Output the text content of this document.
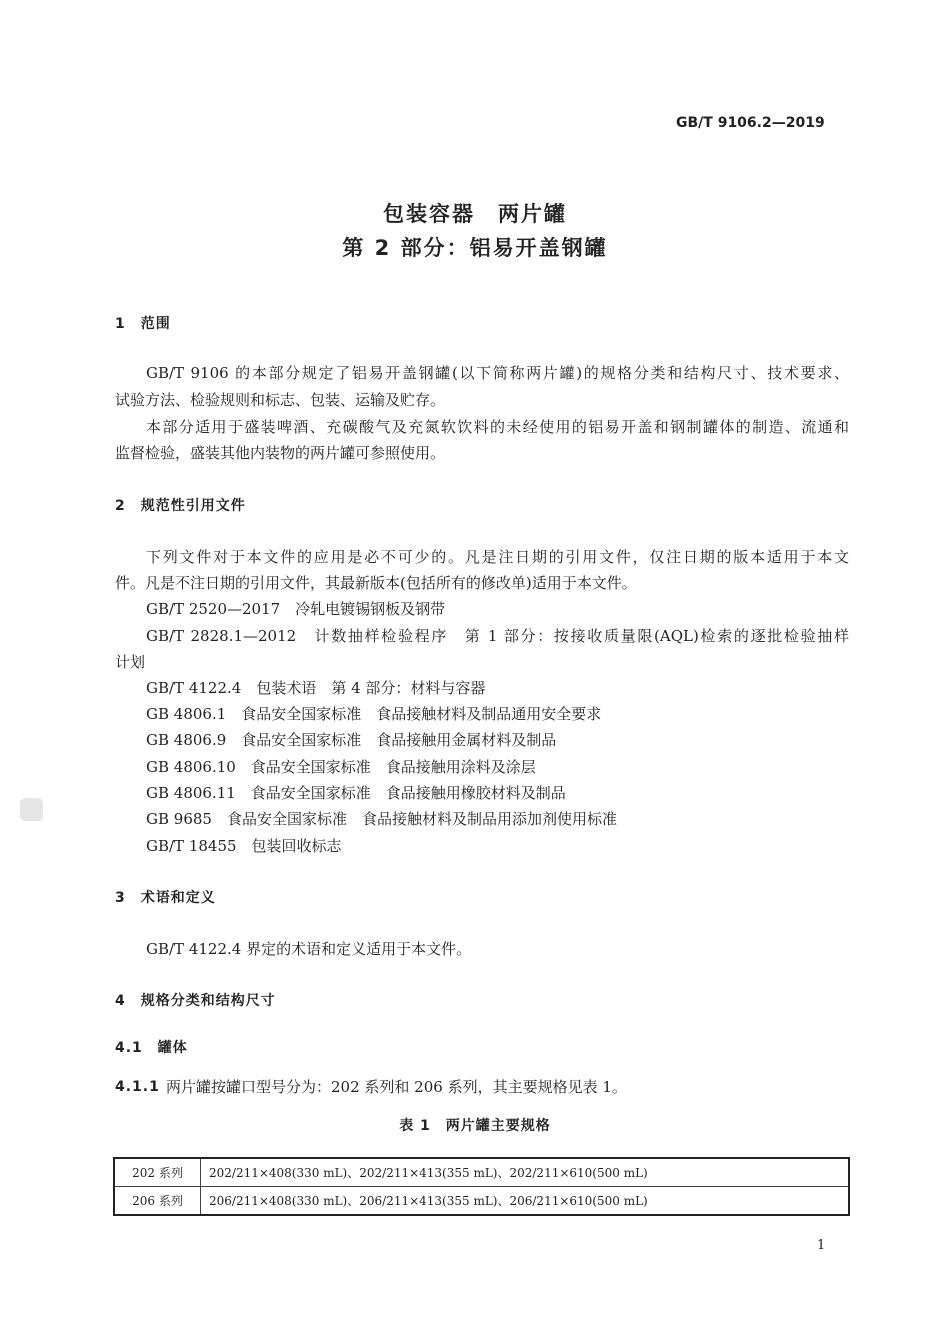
GB/T 9106.2—2019
包装容器　两片罐
第 2 部分：铝易开盖钢罐
1　范围
GB/T 9106 的本部分规定了铝易开盖钢罐(以下简称两片罐)的规格分类和结构尺寸、技术要求、
试验方法、检验规则和标志、包装、运输及贮存。
本部分适用于盛装啤酒、充碳酸气及充氮软饮料的未经使用的铝易开盖和钢制罐体的制造、流通和
监督检验，盛装其他内装物的两片罐可参照使用。
2　规范性引用文件
下列文件对于本文件的应用是必不可少的。凡是注日期的引用文件，仅注日期的版本适用于本文
件。凡是不注日期的引用文件，其最新版本(包括所有的修改单)适用于本文件。
GB/T 2520—2017　冷轧电镀锡钢板及钢带
GB/T 2828.1—2012　计数抽样检验程序　第 1 部分：按接收质量限(AQL)检索的逐批检验抽样
计划
GB/T 4122.4　包装术语　第 4 部分：材料与容器
GB 4806.1　食品安全国家标准　食品接触材料及制品通用安全要求
GB 4806.9　食品安全国家标准　食品接触用金属材料及制品
GB 4806.10　食品安全国家标准　食品接触用涂料及涂层
GB 4806.11　食品安全国家标准　食品接触用橡胶材料及制品
GB 9685　食品安全国家标准　食品接触材料及制品用添加剂使用标准
GB/T 18455　包装回收标志
3　术语和定义
GB/T 4122.4 界定的术语和定义适用于本文件。
4　规格分类和结构尺寸
4.1　罐体
4.1.1 两片罐按罐口型号分为：202 系列和 206 系列，其主要规格见表 1。
表 1　两片罐主要规格
202 系列	202/211×408(330 mL)、202/211×413(355 mL)、202/211×610(500 mL)
206 系列	206/211×408(330 mL)、206/211×413(355 mL)、206/211×610(500 mL)
1
